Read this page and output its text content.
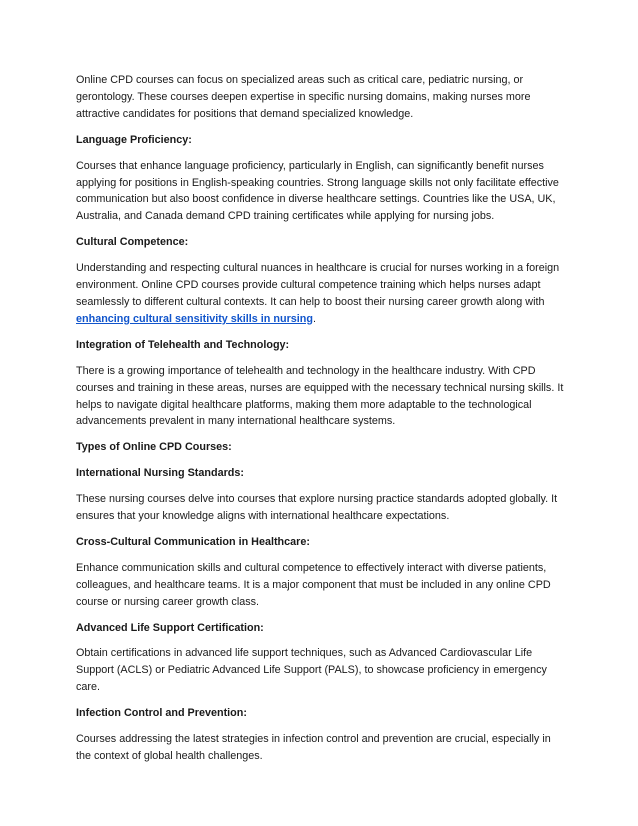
Online CPD courses can focus on specialized areas such as critical care, pediatric nursing, or gerontology. These courses deepen expertise in specific nursing domains, making nurses more attractive candidates for positions that demand specialized knowledge.

Language Proficiency:

Courses that enhance language proficiency, particularly in English, can significantly benefit nurses applying for positions in English-speaking countries. Strong language skills not only facilitate effective communication but also boost confidence in diverse healthcare settings. Countries like the USA, UK, Australia, and Canada demand CPD training certificates while applying for nursing jobs.

Cultural Competence:

Understanding and respecting cultural nuances in healthcare is crucial for nurses working in a foreign environment. Online CPD courses provide cultural competence training which helps nurses adapt seamlessly to different cultural contexts. It can help to boost their nursing career growth along with enhancing cultural sensitivity skills in nursing.

Integration of Telehealth and Technology:

There is a growing importance of telehealth and technology in the healthcare industry. With CPD courses and training in these areas, nurses are equipped with the necessary technical nursing skills. It helps to navigate digital healthcare platforms, making them more adaptable to the technological advancements prevalent in many international healthcare systems.

Types of Online CPD Courses:

International Nursing Standards:

These nursing courses delve into courses that explore nursing practice standards adopted globally. It ensures that your knowledge aligns with international healthcare expectations.

Cross-Cultural Communication in Healthcare:

Enhance communication skills and cultural competence to effectively interact with diverse patients, colleagues, and healthcare teams. It is a major component that must be included in any online CPD course or nursing career growth class.

Advanced Life Support Certification:

Obtain certifications in advanced life support techniques, such as Advanced Cardiovascular Life Support (ACLS) or Pediatric Advanced Life Support (PALS), to showcase proficiency in emergency care.

Infection Control and Prevention:

Courses addressing the latest strategies in infection control and prevention are crucial, especially in the context of global health challenges.
